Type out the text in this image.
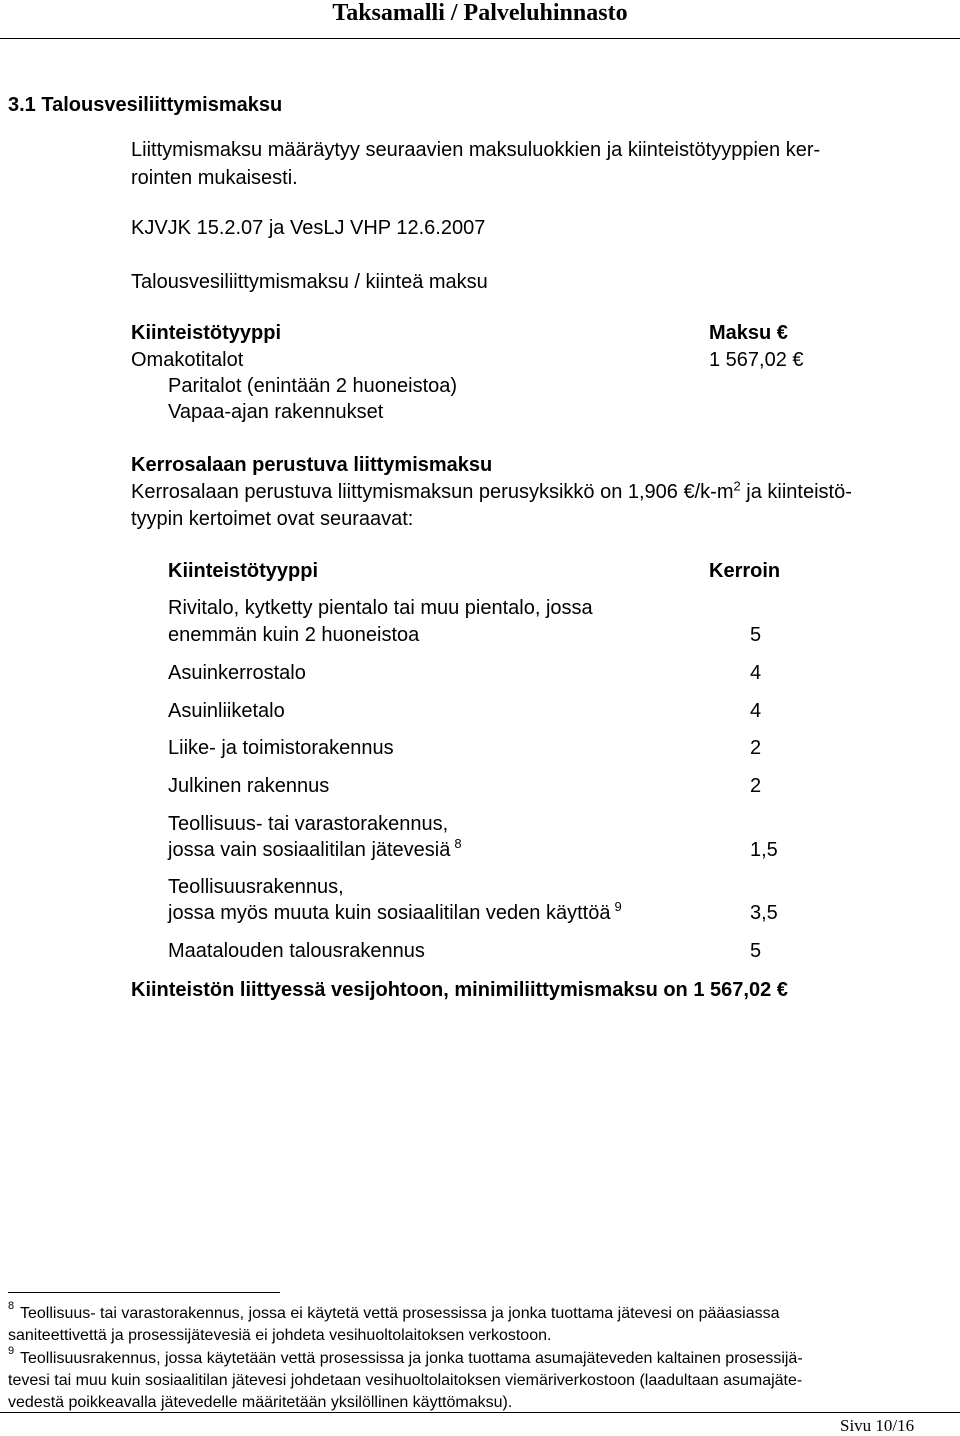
Taksamalli / Palveluhinnasto
3.1 Talousvesiliittymismaksu
Liittymismaksu määräytyy seuraavien maksuluokkien ja kiinteistötyyppien ker-
rointen mukaisesti.
KJVJK 15.2.07 ja VesLJ VHP 12.6.2007
Talousvesiliittymismaksu / kiinteä maksu
Kiinteistötyyppi	Maksu €
Omakotitalot	1 567,02 €
Paritalot (enintään 2 huoneistoa)
Vapaa-ajan rakennukset
Kerrosalaan perustuva liittymismaksu
Kerrosalaan perustuva liittymismaksun perusyksikkö on 1,906 $€/k-m^2$ ja kiinteistö-
tyypin kertoimet ovat seuraavat:
Kiinteistötyyppi	Kerroin
Rivitalo, kytketty pientalo tai muu pientalo, jossa
enemmän kuin 2 huoneistoa	5
Asuinkerrostalo	4
Asuinliiketalo	4
Liike- ja toimistorakennus	2
Julkinen rakennus	2
Teollisuus- tai varastorakennus,
jossa vain sosiaalitilan jätevesiä $^8$	1,5
Teollisuusrakennus,
jossa myös muuta kuin sosiaalitilan veden käyttöä $^9$	3,5
Maatalouden talousrakennus	5
Kiinteistön liittyessä vesijohtoon, minimiliittymismaksu on 1 567,02 €
8 Teollisuus- tai varastorakennus, jossa ei käytetä vettä prosessissa ja jonka tuottama jätevesi on pääasiassa
saniteettivettä ja prosessijätevesiä ei johdeta vesihuoltolaitoksen verkostoon.
9 Teollisuusrakennus, jossa käytetään vettä prosessissa ja jonka tuottama asumajäteveden kaltainen prosessijä-
tevesi tai muu kuin sosiaalitilan jätevesi johdetaan vesihuoltolaitoksen viemäriverkostoon (laadultaan asumajäte-
vedestä poikkeavalla jätevedelle määritetään yksilöllinen käyttömaksu).
Sivu 10/16
